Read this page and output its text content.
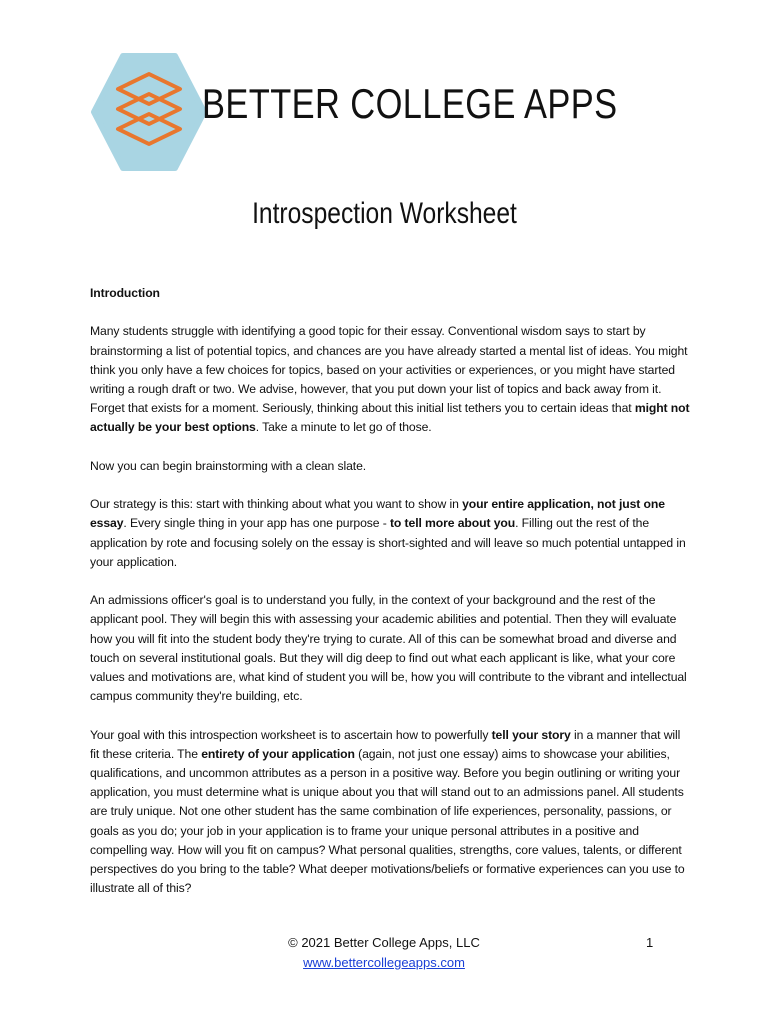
BETTER COLLEGE APPS
Introspection Worksheet

Introduction

Many students struggle with identifying a good topic for their essay. Conventional wisdom says to start by brainstorming a list of potential topics, and chances are you have already started a mental list of ideas. You might think you only have a few choices for topics, based on your activities or experiences, or you might have started writing a rough draft or two. We advise, however, that you put down your list of topics and back away from it. Forget that exists for a moment. Seriously, thinking about this initial list tethers you to certain ideas that might not actually be your best options. Take a minute to let go of those.

Now you can begin brainstorming with a clean slate.

Our strategy is this: start with thinking about what you want to show in your entire application, not just one essay. Every single thing in your app has one purpose - to tell more about you. Filling out the rest of the application by rote and focusing solely on the essay is short-sighted and will leave so much potential untapped in your application.

An admissions officer's goal is to understand you fully, in the context of your background and the rest of the applicant pool. They will begin this with assessing your academic abilities and potential. Then they will evaluate how you will fit into the student body they're trying to curate. All of this can be somewhat broad and diverse and touch on several institutional goals. But they will dig deep to find out what each applicant is like, what your core values and motivations are, what kind of student you will be, how you will contribute to the vibrant and intellectual campus community they're building, etc.

Your goal with this introspection worksheet is to ascertain how to powerfully tell your story in a manner that will fit these criteria. The entirety of your application (again, not just one essay) aims to showcase your abilities, qualifications, and uncommon attributes as a person in a positive way. Before you begin outlining or writing your application, you must determine what is unique about you that will stand out to an admissions panel. All students are truly unique. Not one other student has the same combination of life experiences, personality, passions, or goals as you do; your job in your application is to frame your unique personal attributes in a positive and compelling way. How will you fit on campus? What personal qualities, strengths, core values, talents, or different perspectives do you bring to the table? What deeper motivations/beliefs or formative experiences can you use to illustrate all of this?

© 2021 Better College Apps, LLC	1
www.bettercollegeapps.com
